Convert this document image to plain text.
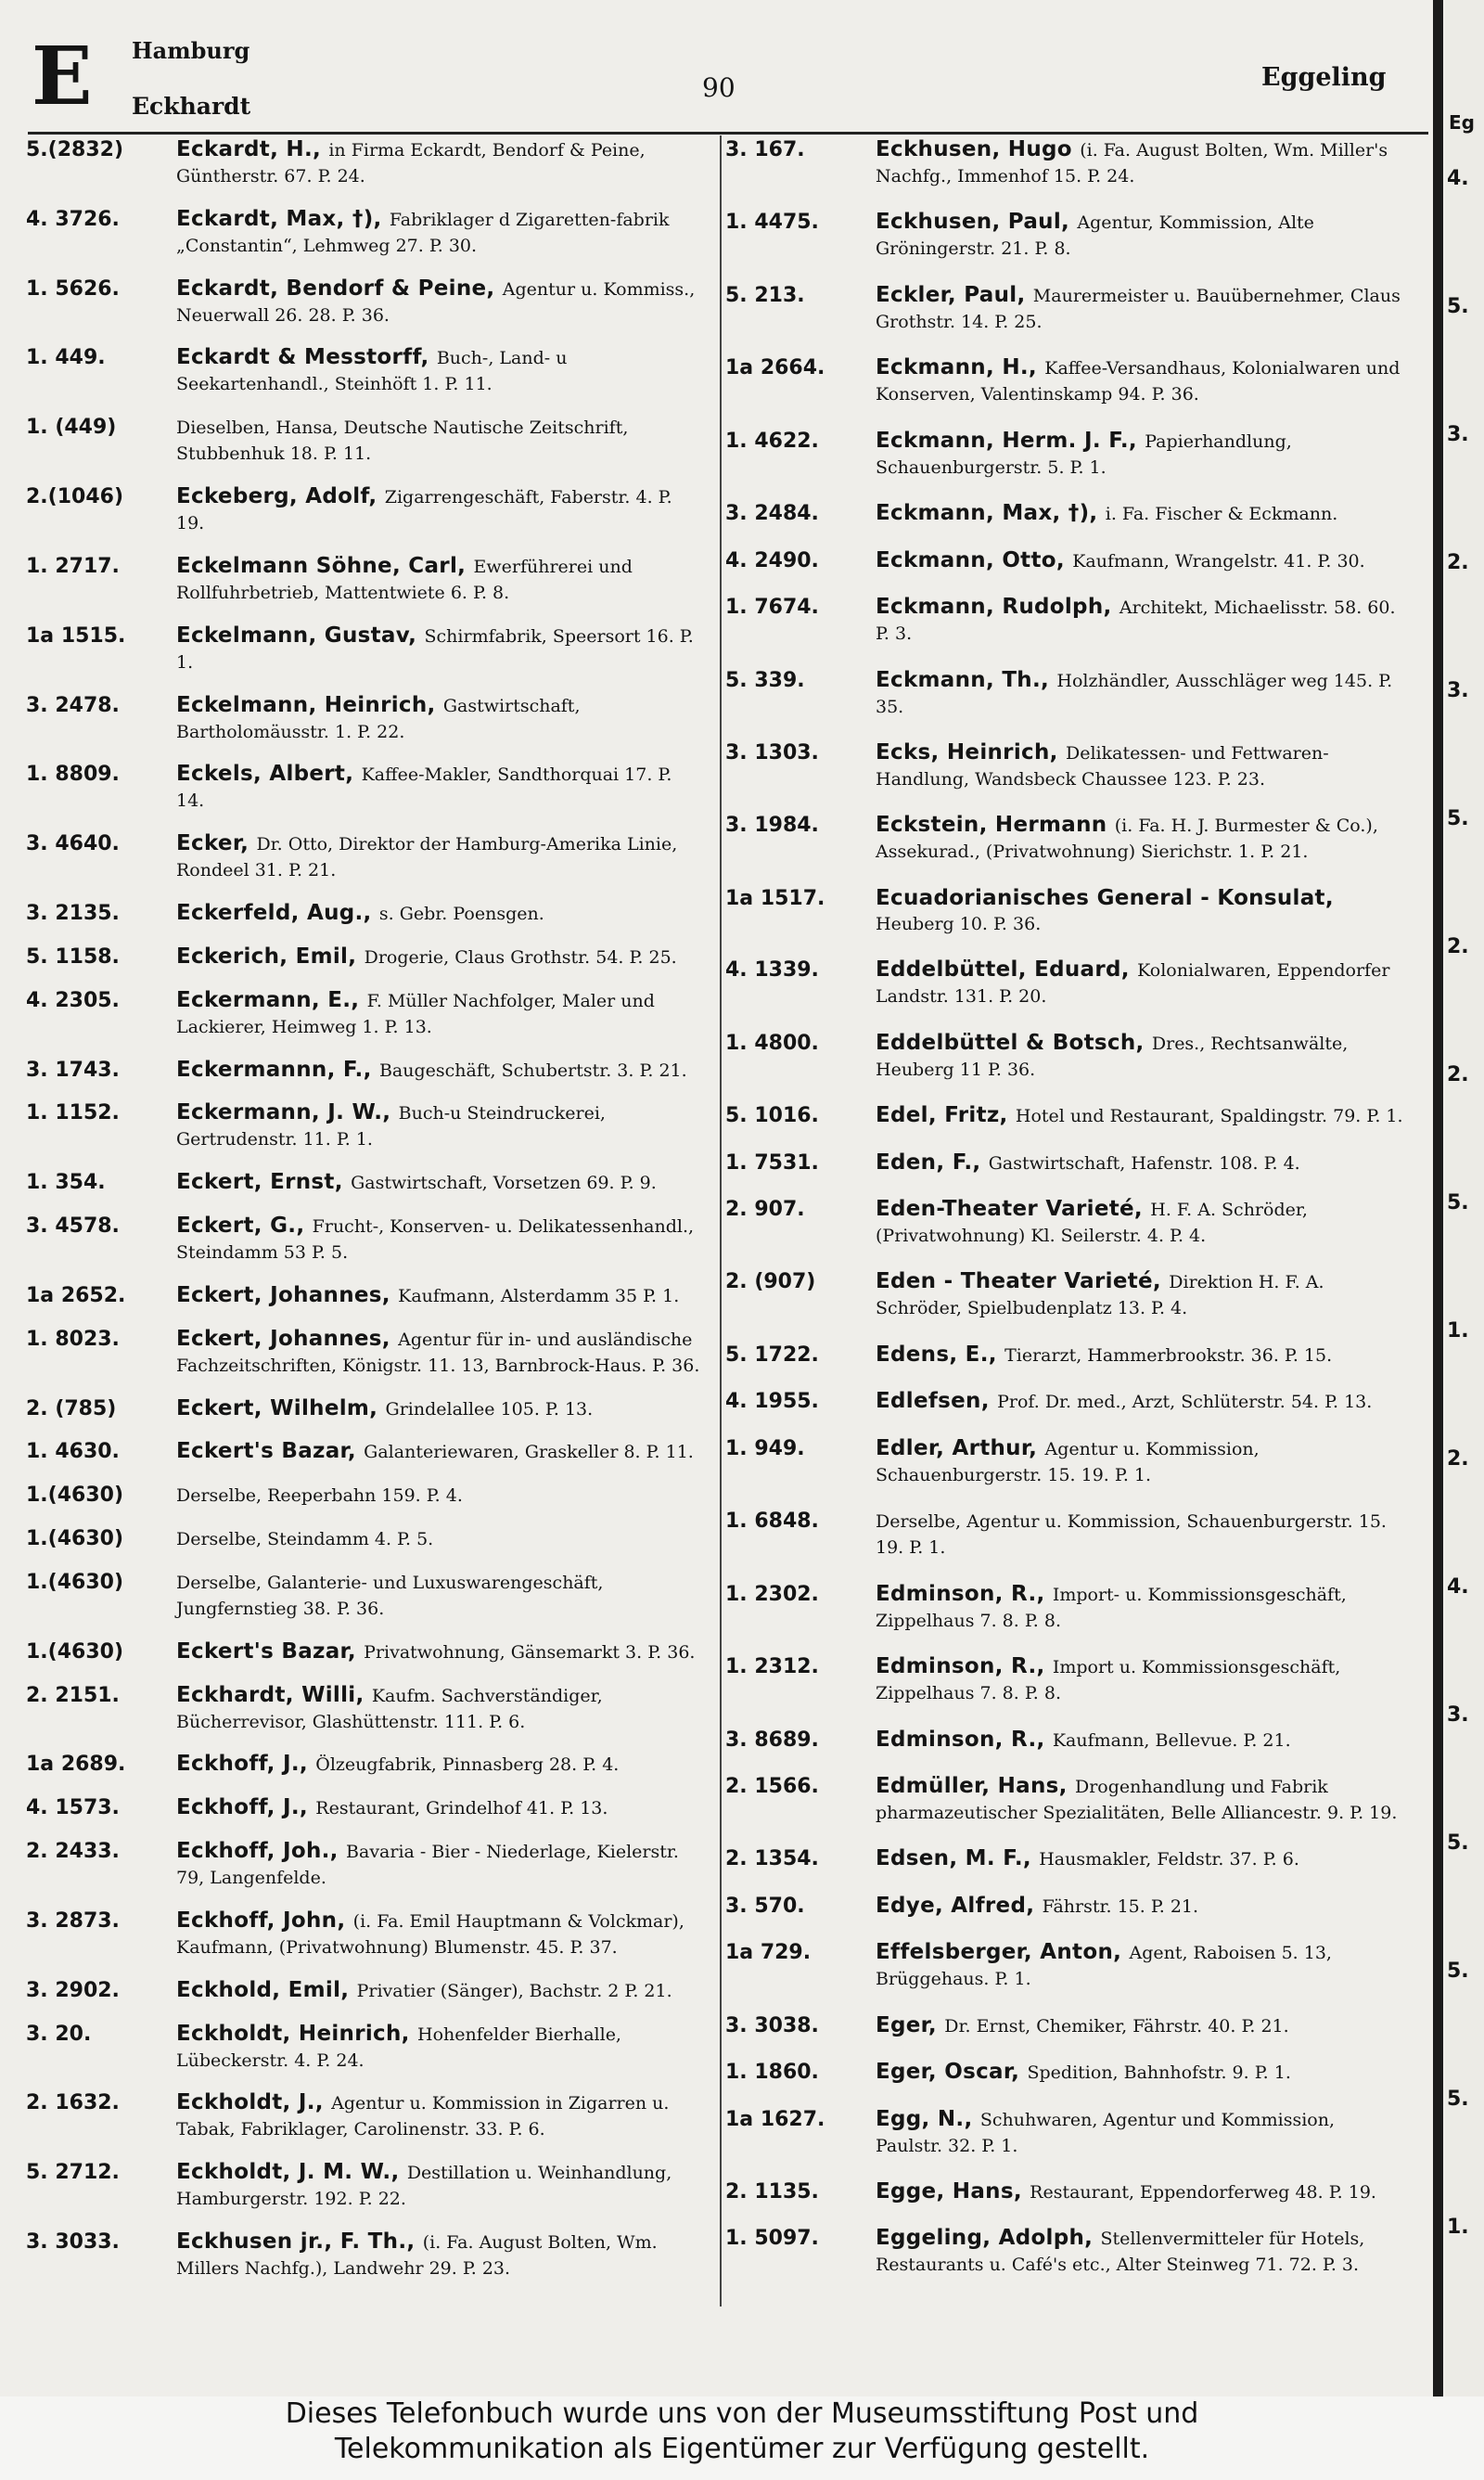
E Hamburg
Eckhardt
90	Eggeling
5.(2832)	Eckardt, H., in Firma Eckardt, Bendorf & Peine, Güntherstr. 67. P. 24.
4. 3726.	Eckardt, Max, †), Fabriklager d Zigaretten-fabrik „Constantin“, Lehmweg 27. P. 30.
1. 5626.	Eckardt, Bendorf & Peine, Agentur u. Kommiss., Neuerwall 26. 28. P. 36.
1. 449.	Eckardt & Messtorff, Buch-, Land- u Seekartenhandl., Steinhöft 1. P. 11.
1. (449)	Dieselben, Hansa, Deutsche Nautische Zeitschrift, Stubbenhuk 18. P. 11.
2.(1046)	Eckeberg, Adolf, Zigarrengeschäft, Faberstr. 4. P. 19.
1. 2717.	Eckelmann Söhne, Carl, Ewerführerei und Rollfuhrbetrieb, Mattentwiete 6. P. 8.
1a 1515.	Eckelmann, Gustav, Schirmfabrik, Speersort 16. P. 1.
3. 2478.	Eckelmann, Heinrich, Gastwirtschaft, Bartholomäusstr. 1. P. 22.
1. 8809.	Eckels, Albert, Kaffee-Makler, Sandthorquai 17. P. 14.
3. 4640.	Ecker, Dr. Otto, Direktor der Hamburg-Amerika Linie, Rondeel 31. P. 21.
3. 2135.	Eckerfeld, Aug., s. Gebr. Poensgen.
5. 1158.	Eckerich, Emil, Drogerie, Claus Grothstr. 54. P. 25.
4. 2305.	Eckermann, E., F. Müller Nachfolger, Maler und Lackierer, Heimweg 1. P. 13.
3. 1743.	Eckermannn, F., Baugeschäft, Schubertstr. 3. P. 21.
1. 1152.	Eckermann, J. W., Buch-u Steindruckerei, Gertrudenstr. 11. P. 1.
1. 354.	Eckert, Ernst, Gastwirtschaft, Vorsetzen 69. P. 9.
3. 4578.	Eckert, G., Frucht-, Konserven- u. Delikatessenhandl., Steindamm 53 P. 5.
1a 2652.	Eckert, Johannes, Kaufmann, Alsterdamm 35 P. 1.
1. 8023.	Eckert, Johannes, Agentur für in- und ausländische Fachzeitschriften, Königstr. 11. 13, Barnbrock-Haus. P. 36.
2. (785)	Eckert, Wilhelm, Grindelallee 105. P. 13.
1. 4630.	Eckert's Bazar, Galanteriewaren, Graskeller 8. P. 11.
1.(4630)	Derselbe, Reeperbahn 159. P. 4.
1.(4630)	Derselbe, Steindamm 4. P. 5.
1.(4630)	Derselbe, Galanterie- und Luxuswarengeschäft, Jungfernstieg 38. P. 36.
1.(4630)	Eckert's Bazar, Privatwohnung, Gänsemarkt 3. P. 36.
2. 2151.	Eckhardt, Willi, Kaufm. Sachverständiger, Bücherrevisor, Glashüttenstr. 111. P. 6.
1a 2689.	Eckhoff, J., Ölzeugfabrik, Pinnasberg 28. P. 4.
4. 1573.	Eckhoff, J., Restaurant, Grindelhof 41. P. 13.
2. 2433.	Eckhoff, Joh., Bavaria - Bier - Niederlage, Kielerstr. 79, Langenfelde.
3. 2873.	Eckhoff, John, (i. Fa. Emil Hauptmann & Volckmar), Kaufmann, (Privatwohnung) Blumenstr. 45. P. 37.
3. 2902.	Eckhold, Emil, Privatier (Sänger), Bachstr. 2 P. 21.
3. 20.	Eckholdt, Heinrich, Hohenfelder Bierhalle, Lübeckerstr. 4. P. 24.
2. 1632.	Eckholdt, J., Agentur u. Kommission in Zigarren u. Tabak, Fabriklager, Carolinenstr. 33. P. 6.
5. 2712.	Eckholdt, J. M. W., Destillation u. Weinhandlung, Hamburgerstr. 192. P. 22.
3. 3033.	Eckhusen jr., F. Th., (i. Fa. August Bolten, Wm. Millers Nachfg.), Landwehr 29. P. 23.
3. 167.	Eckhusen, Hugo (i. Fa. August Bolten, Wm. Miller's Nachfg., Immenhof 15. P. 24.
1. 4475.	Eckhusen, Paul, Agentur, Kommission, Alte Gröningerstr. 21. P. 8.
5. 213.	Eckler, Paul, Maurermeister u. Bauübernehmer, Claus Grothstr. 14. P. 25.
1a 2664.	Eckmann, H., Kaffee-Versandhaus, Kolonialwaren und Konserven, Valentinskamp 94. P. 36.
1. 4622.	Eckmann, Herm. J. F., Papierhandlung, Schauenburgerstr. 5. P. 1.
3. 2484.	Eckmann, Max, †), i. Fa. Fischer & Eckmann.
4. 2490.	Eckmann, Otto, Kaufmann, Wrangelstr. 41. P. 30.
1. 7674.	Eckmann, Rudolph, Architekt, Michaelisstr. 58. 60. P. 3.
5. 339.	Eckmann, Th., Holzhändler, Ausschläger weg 145. P. 35.
3. 1303.	Ecks, Heinrich, Delikatessen- und Fettwaren-Handlung, Wandsbeck Chaussee 123. P. 23.
3. 1984.	Eckstein, Hermann (i. Fa. H. J. Burmester & Co.), Assekurad., (Privatwohnung) Sierichstr. 1. P. 21.
1a 1517.	Ecuadorianisches General - Konsulat, Heuberg 10. P. 36.
4. 1339.	Eddelbüttel, Eduard, Kolonialwaren, Eppendorfer Landstr. 131. P. 20.
1. 4800.	Eddelbüttel & Botsch, Dres., Rechtsanwälte, Heuberg 11 P. 36.
5. 1016.	Edel, Fritz, Hotel und Restaurant, Spaldingstr. 79. P. 1.
1. 7531.	Eden, F., Gastwirtschaft, Hafenstr. 108. P. 4.
2. 907.	Eden-Theater Varieté, H. F. A. Schröder, (Privatwohnung) Kl. Seilerstr. 4. P. 4.
2. (907)	Eden - Theater Varieté, Direktion H. F. A. Schröder, Spielbudenplatz 13. P. 4.
5. 1722.	Edens, E., Tierarzt, Hammerbrookstr. 36. P. 15.
4. 1955.	Edlefsen, Prof. Dr. med., Arzt, Schlüterstr. 54. P. 13.
1. 949.	Edler, Arthur, Agentur u. Kommission, Schauenburgerstr. 15. 19. P. 1.
1. 6848.	Derselbe, Agentur u. Kommission, Schauenburgerstr. 15. 19. P. 1.
1. 2302.	Edminson, R., Import- u. Kommissionsgeschäft, Zippelhaus 7. 8. P. 8.
1. 2312.	Edminson, R., Import u. Kommissionsgeschäft, Zippelhaus 7. 8. P. 8.
3. 8689.	Edminson, R., Kaufmann, Bellevue. P. 21.
2. 1566.	Edmüller, Hans, Drogenhandlung und Fabrik pharmazeutischer Spezialitäten, Belle Alliancestr. 9. P. 19.
2. 1354.	Edsen, M. F., Hausmakler, Feldstr. 37. P. 6.
3. 570.	Edye, Alfred, Fährstr. 15. P. 21.
1a 729.	Effelsberger, Anton, Agent, Raboisen 5. 13, Brüggehaus. P. 1.
3. 3038.	Eger, Dr. Ernst, Chemiker, Fährstr. 40. P. 21.
1. 1860.	Eger, Oscar, Spedition, Bahnhofstr. 9. P. 1.
1a 1627.	Egg, N., Schuhwaren, Agentur und Kommission, Paulstr. 32. P. 1.
2. 1135.	Egge, Hans, Restaurant, Eppendorferweg 48. P. 19.
1. 5097.	Eggeling, Adolph, Stellenvermitteler für Hotels, Restaurants u. Café's etc., Alter Steinweg 71. 72. P. 3.
Eg
4.
5.
3.
2.
3.
5.
2.
2.
5.
1.
2.
4.
3.
5.
5.
5.
1.
Dieses Telefonbuch wurde uns von der Museumsstiftung Post und
Telekommunikation als Eigentümer zur Verfügung gestellt.
